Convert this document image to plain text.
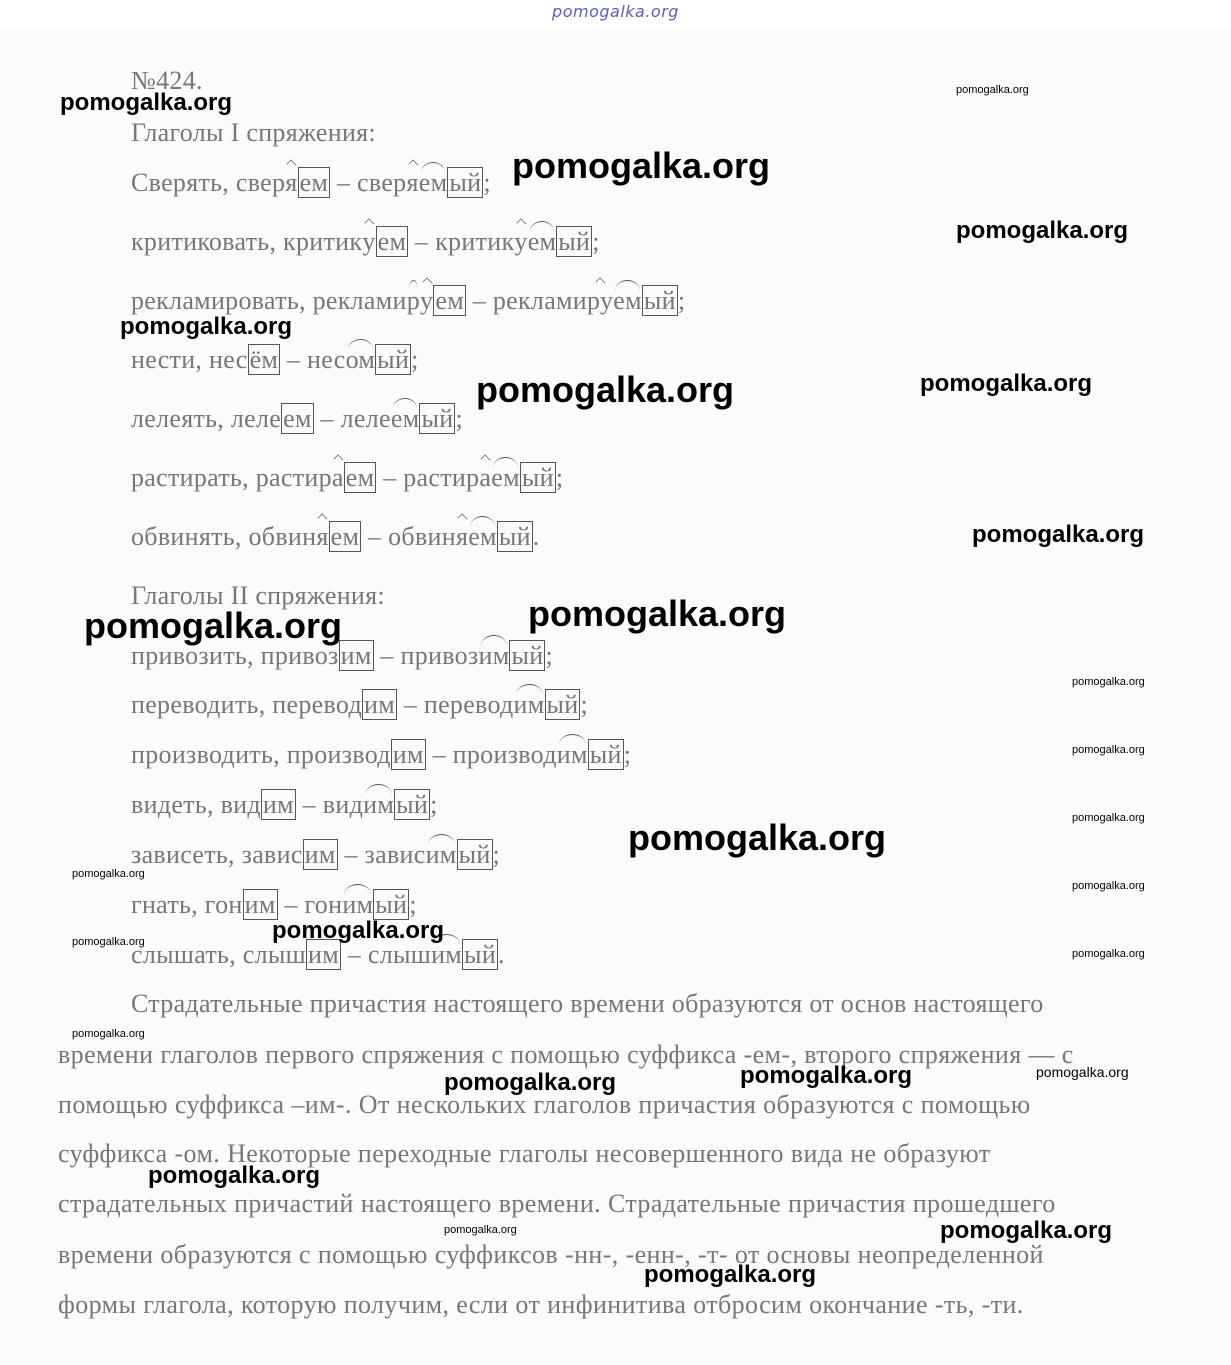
pomogalka.org
№424.
Глаголы I спряжения:
Сверять, сверяем – сверяемый;
критиковать, критикуем – критикуемый;
рекламировать, рекламируем – рекламируемый;
нести, несём – несомый;
лелеять, лелеем – лелеемый;
растирать, растираем – растираемый;
обвинять, обвиняем – обвиняемый.
Глаголы II спряжения:
привозить, привозим – привозимый;
переводить, переводим – переводимый;
производить, производим – производимый;
видеть, видим – видимый;
зависеть, зависим – зависимый;
гнать, гоним – гонимый;
слышать, слышим – слышимый.
Страдательные причастия настоящего времени образуются от основ настоящего
времени глаголов первого спряжения с помощью суффикса -ем-, второго спряжения — с
помощью суффикса –им-. От нескольких глаголов причастия образуются с помощью
суффикса -ом. Некоторые переходные глаголы несовершенного вида не образуют
страдательных причастий настоящего времени. Страдательные причастия прошедшего
времени образуются с помощью суффиксов -нн-, -енн-, -т- от основы неопределенной
формы глагола, которую получим, если от инфинитива отбросим окончание -ть, -ти.
pomogalka.org	pomogalka.org
pomogalka.org
pomogalka.org
pomogalka.org
pomogalka.org	pomogalka.org
pomogalka.org
pomogalka.org
pomogalka.org
pomogalka.org
pomogalka.org
pomogalka.org
pomogalka.org
pomogalka.org
pomogalka.org
pomogalka.org
pomogalka.org
pomogalka.org
pomogalka.org
pomogalka.org	pomogalka.org
pomogalka.org
pomogalka.org
pomogalka.org	pomogalka.org
pomogalka.org
